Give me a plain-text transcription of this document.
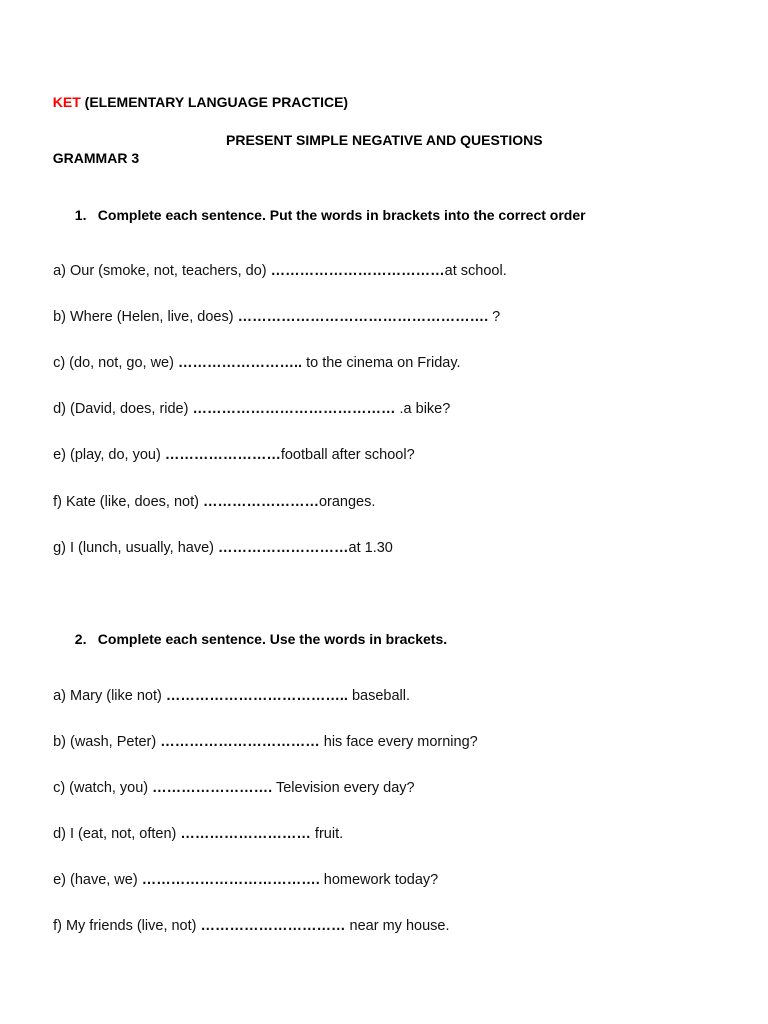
KET (ELEMENTARY LANGUAGE PRACTICE)

GRAMMAR 3

PRESENT SIMPLE NEGATIVE AND QUESTIONS

1. Complete each sentence. Put the words in brackets into the correct order

a) Our (smoke, not, teachers, do) ………………………………at school.

b) Where (Helen, live, does) ……………………………………………. ?

c) (do, not, go, we) …………………….. to the cinema on Friday.

d) (David, does, ride) …………………………………… .a bike?

e) (play, do, you) ……………………football after school?

f) Kate (like, does, not) ……………………oranges.

g) I (lunch, usually, have) ………………………at 1.30

2. Complete each sentence. Use the words in brackets.

a) Mary (like not) ……………………………….. baseball.

b) (wash, Peter) …………………………… his face every morning?

c) (watch, you) ……………………. Television every day?

d) I (eat, not, often) ……………………… fruit.

e) (have, we) ………………………………. homework today?

f) My friends (live, not) ………………………… near my house.
